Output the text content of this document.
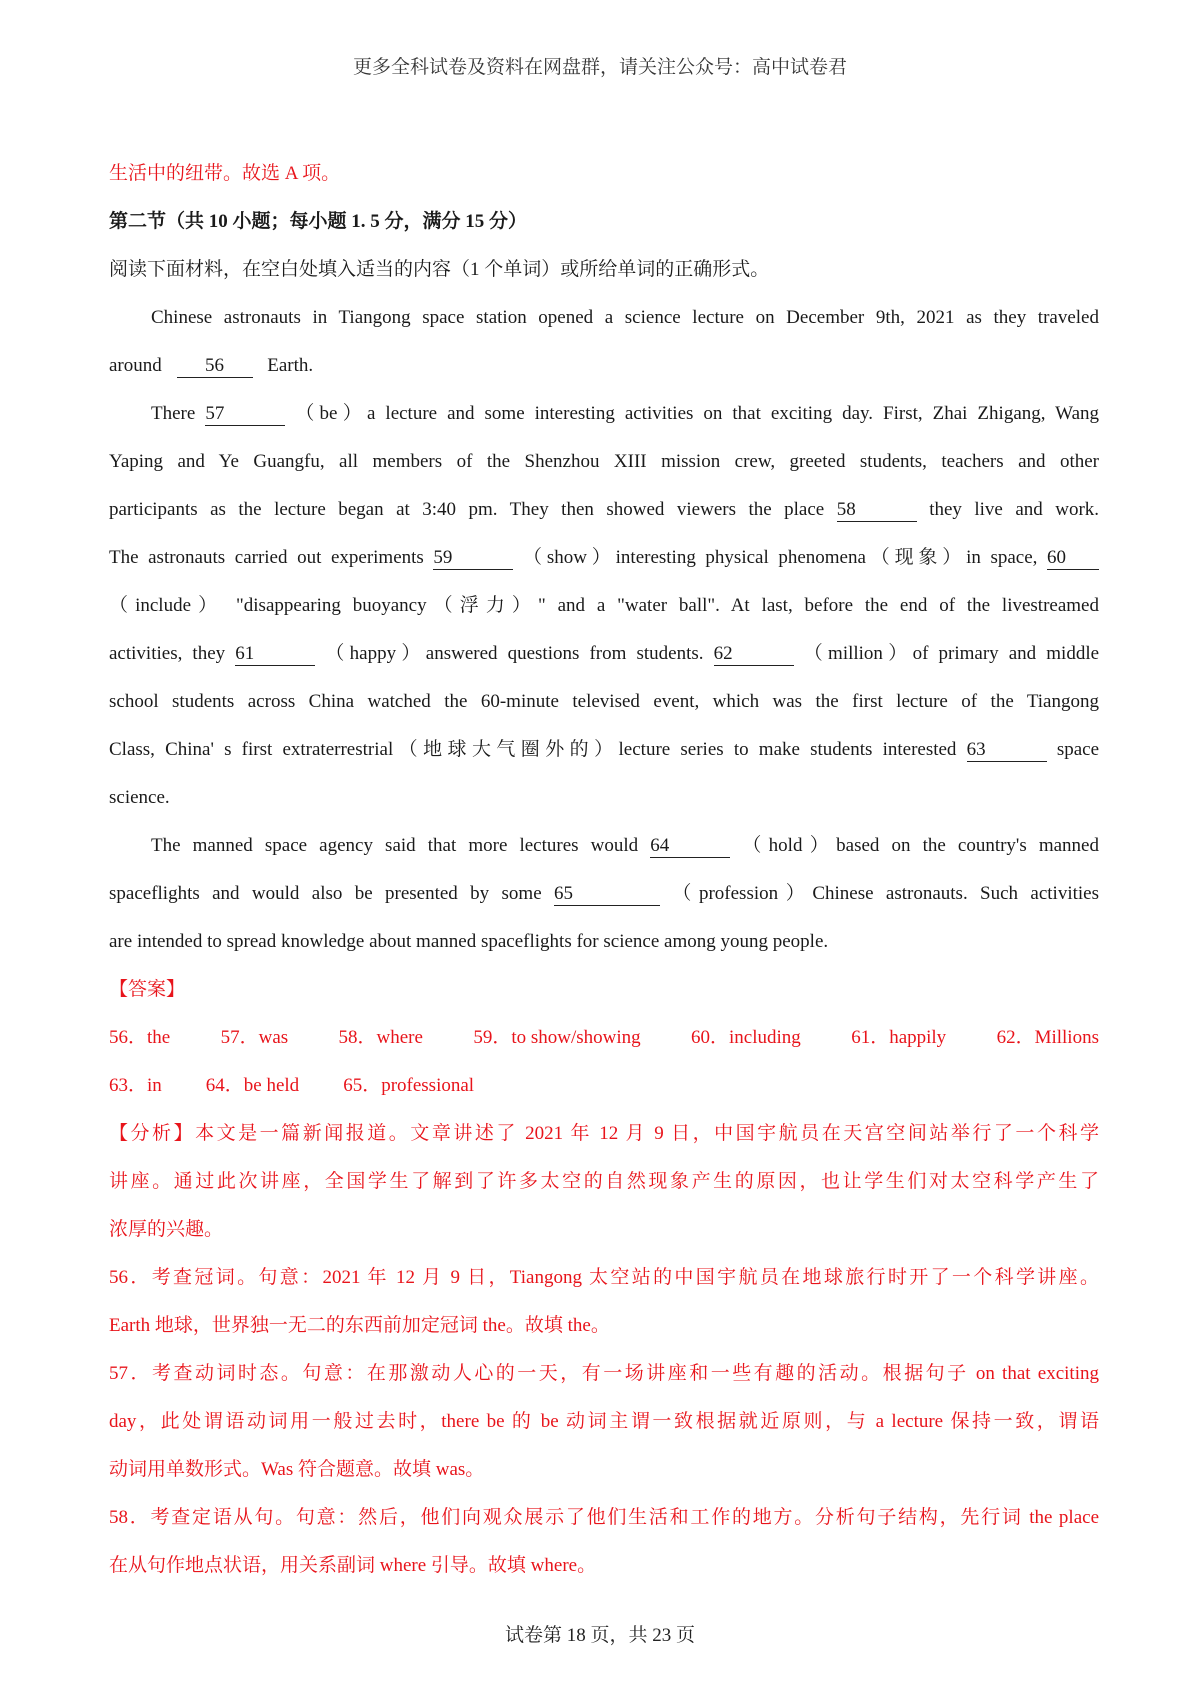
更多全科试卷及资料在网盘群，请关注公众号：高中试卷君
生活中的纽带。故选 A 项。
第二节（共 10 小题；每小题 1. 5 分，满分 15 分）
阅读下面材料，在空白处填入适当的内容（1 个单词）或所给单词的正确形式。
Chinese astronauts in Tiangong space station opened a science lecture on December 9th, 2021 as they traveled
around 56 Earth.
There 57	（be）a lecture and some interesting activities on that exciting day. First, Zhai Zhigang, Wang
Yaping and Ye Guangfu, all members of the Shenzhou XIII mission crew, greeted students, teachers and other
participants as the lecture began at 3:40 pm. They then showed viewers the place 58	they live and work.
The astronauts carried out experiments 59	（show）interesting physical phenomena（现象）in space, 60
（include） "disappearing buoyancy（浮力）" and a "water ball". At last, before the end of the livestreamed
activities, they 61	（happy）answered questions from students. 62	（million）of primary and middle
school students across China watched the 60-minute televised event, which was the first lecture of the Tiangong
Class, China' s first extraterrestrial（地球大气圈外的）lecture series to make students interested 63	space
science.
The manned space agency said that more lectures would 64	（hold）based on the country's manned
spaceflights and would also be presented by some 65	（profession）Chinese astronauts. Such activities
are intended to spread knowledge about manned spaceflights for science among young people.
【答案】
56．the	57．was	58．where	59．to show/showing	60．including	61．happily	62．Millions
63．in 64．be held 65．professional
【分析】本文是一篇新闻报道。文章讲述了 2021 年 12 月 9 日，中国宇航员在天宫空间站举行了一个科学
讲座。通过此次讲座，全国学生了解到了许多太空的自然现象产生的原因，也让学生们对太空科学产生了
浓厚的兴趣。
56．考查冠词。句意：2021 年 12 月 9 日，Tiangong 太空站的中国宇航员在地球旅行时开了一个科学讲座。
Earth 地球，世界独一无二的东西前加定冠词 the。故填 the。
57．考查动词时态。句意：在那激动人心的一天，有一场讲座和一些有趣的活动。根据句子 on that exciting
day，此处谓语动词用一般过去时，there be 的 be 动词主谓一致根据就近原则，与 a lecture 保持一致，谓语
动词用单数形式。Was 符合题意。故填 was。
58．考查定语从句。句意：然后，他们向观众展示了他们生活和工作的地方。分析句子结构，先行词 the place
在从句作地点状语，用关系副词 where 引导。故填 where。
试卷第 18 页，共 23 页
